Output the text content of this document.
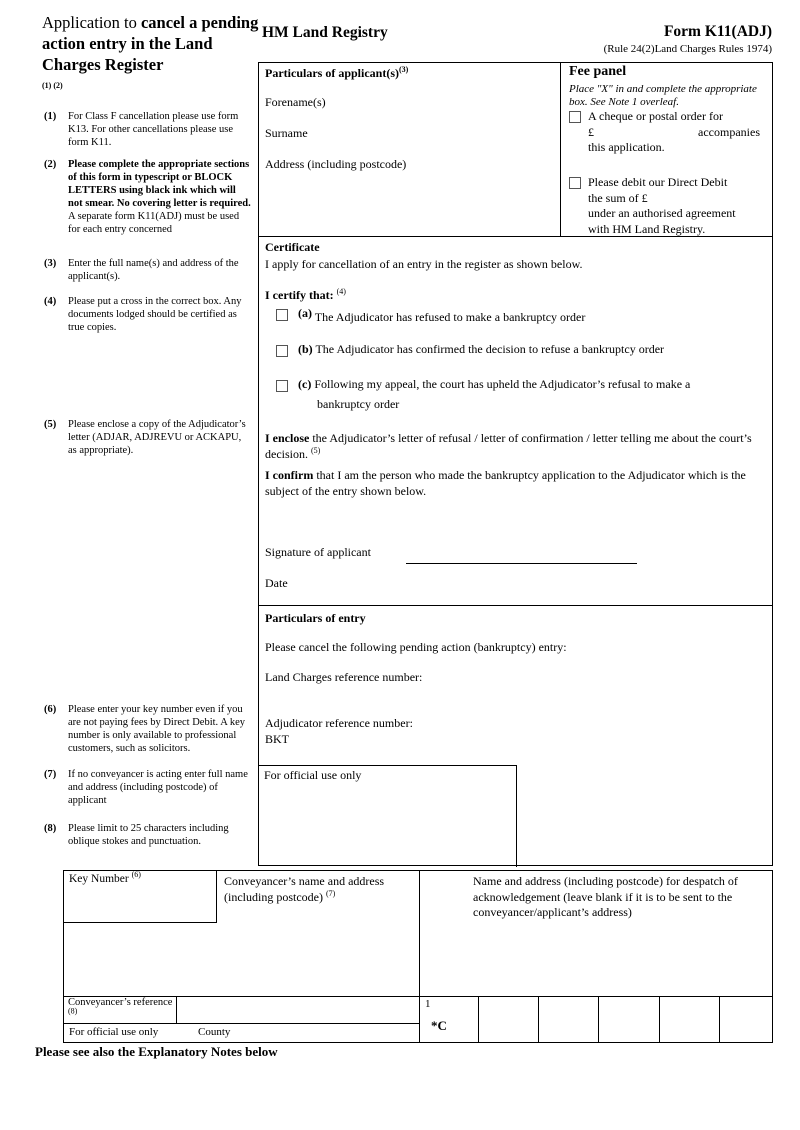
Application to cancel a pending action entry in the Land Charges Register
(1) (2)
(1)	For Class F cancellation please use form K13. For other cancellations please use form K11.
(2)	Please complete the appropriate sections of this form in typescript or BLOCK LETTERS using black ink which will not smear. No covering letter is required.
A separate form K11(ADJ) must be used for each entry concerned
(3)	Enter the full name(s) and address of the applicant(s).
(4)	Please put a cross in the correct box. Any documents lodged should be certified as true copies.
(5)	Please enclose a copy of the Adjudicator’s letter (ADJAR, ADJREVU or ACKAPU, as appropriate).
(6)	Please enter your key number even if you are not paying fees by Direct Debit. A key number is only available to professional customers, such as solicitors.
(7)	If no conveyancer is acting enter full name and address (including postcode) of applicant
(8)	Please limit to 25 characters including oblique stokes and punctuation.
HM Land Registry	Form K11(ADJ)
(Rule 24(2)Land Charges Rules 1974)
Particulars of $applicant(s)^{(3)}$
Forename(s)
Surname
Address (including postcode)
Fee panel
Place "X" in and complete the appropriate box. See Note 1 overleaf.
A cheque or postal order for
£	accompanies
this application.
Please debit our Direct Debit
the sum of £
under an authorised agreement
with HM Land Registry.
Certificate
I apply for cancellation of an entry in the register as shown below.
I certify that: $^{(4)}$
(a) The Adjudicator has refused to make a bankruptcy order
(b) The Adjudicator has confirmed the decision to refuse a bankruptcy order
(c) Following my appeal, the court has upheld the Adjudicator’s refusal to make a
bankruptcy order
I enclose the Adjudicator’s letter of refusal / letter of confirmation / letter telling me about the court’s decision. $^{(5)}$
I confirm that I am the person who made the bankruptcy application to the Adjudicator which is the subject of the entry shown below.
Signature of applicant
Date
Particulars of entry
Please cancel the following pending action (bankruptcy) entry:
Land Charges reference number:
Adjudicator reference number:
BKT
For official use only
Key Number $^{(6)}$	Conveyancer’s name and address (including postcode) $^{(7)}$
Name and address (including postcode) for despatch of acknowledgement (leave blank if it is to be sent to the conveyancer/applicant’s address)
Conveyancer’s reference $^{(8)}$
For official use only	County
1
*C
Please see also the Explanatory Notes below
